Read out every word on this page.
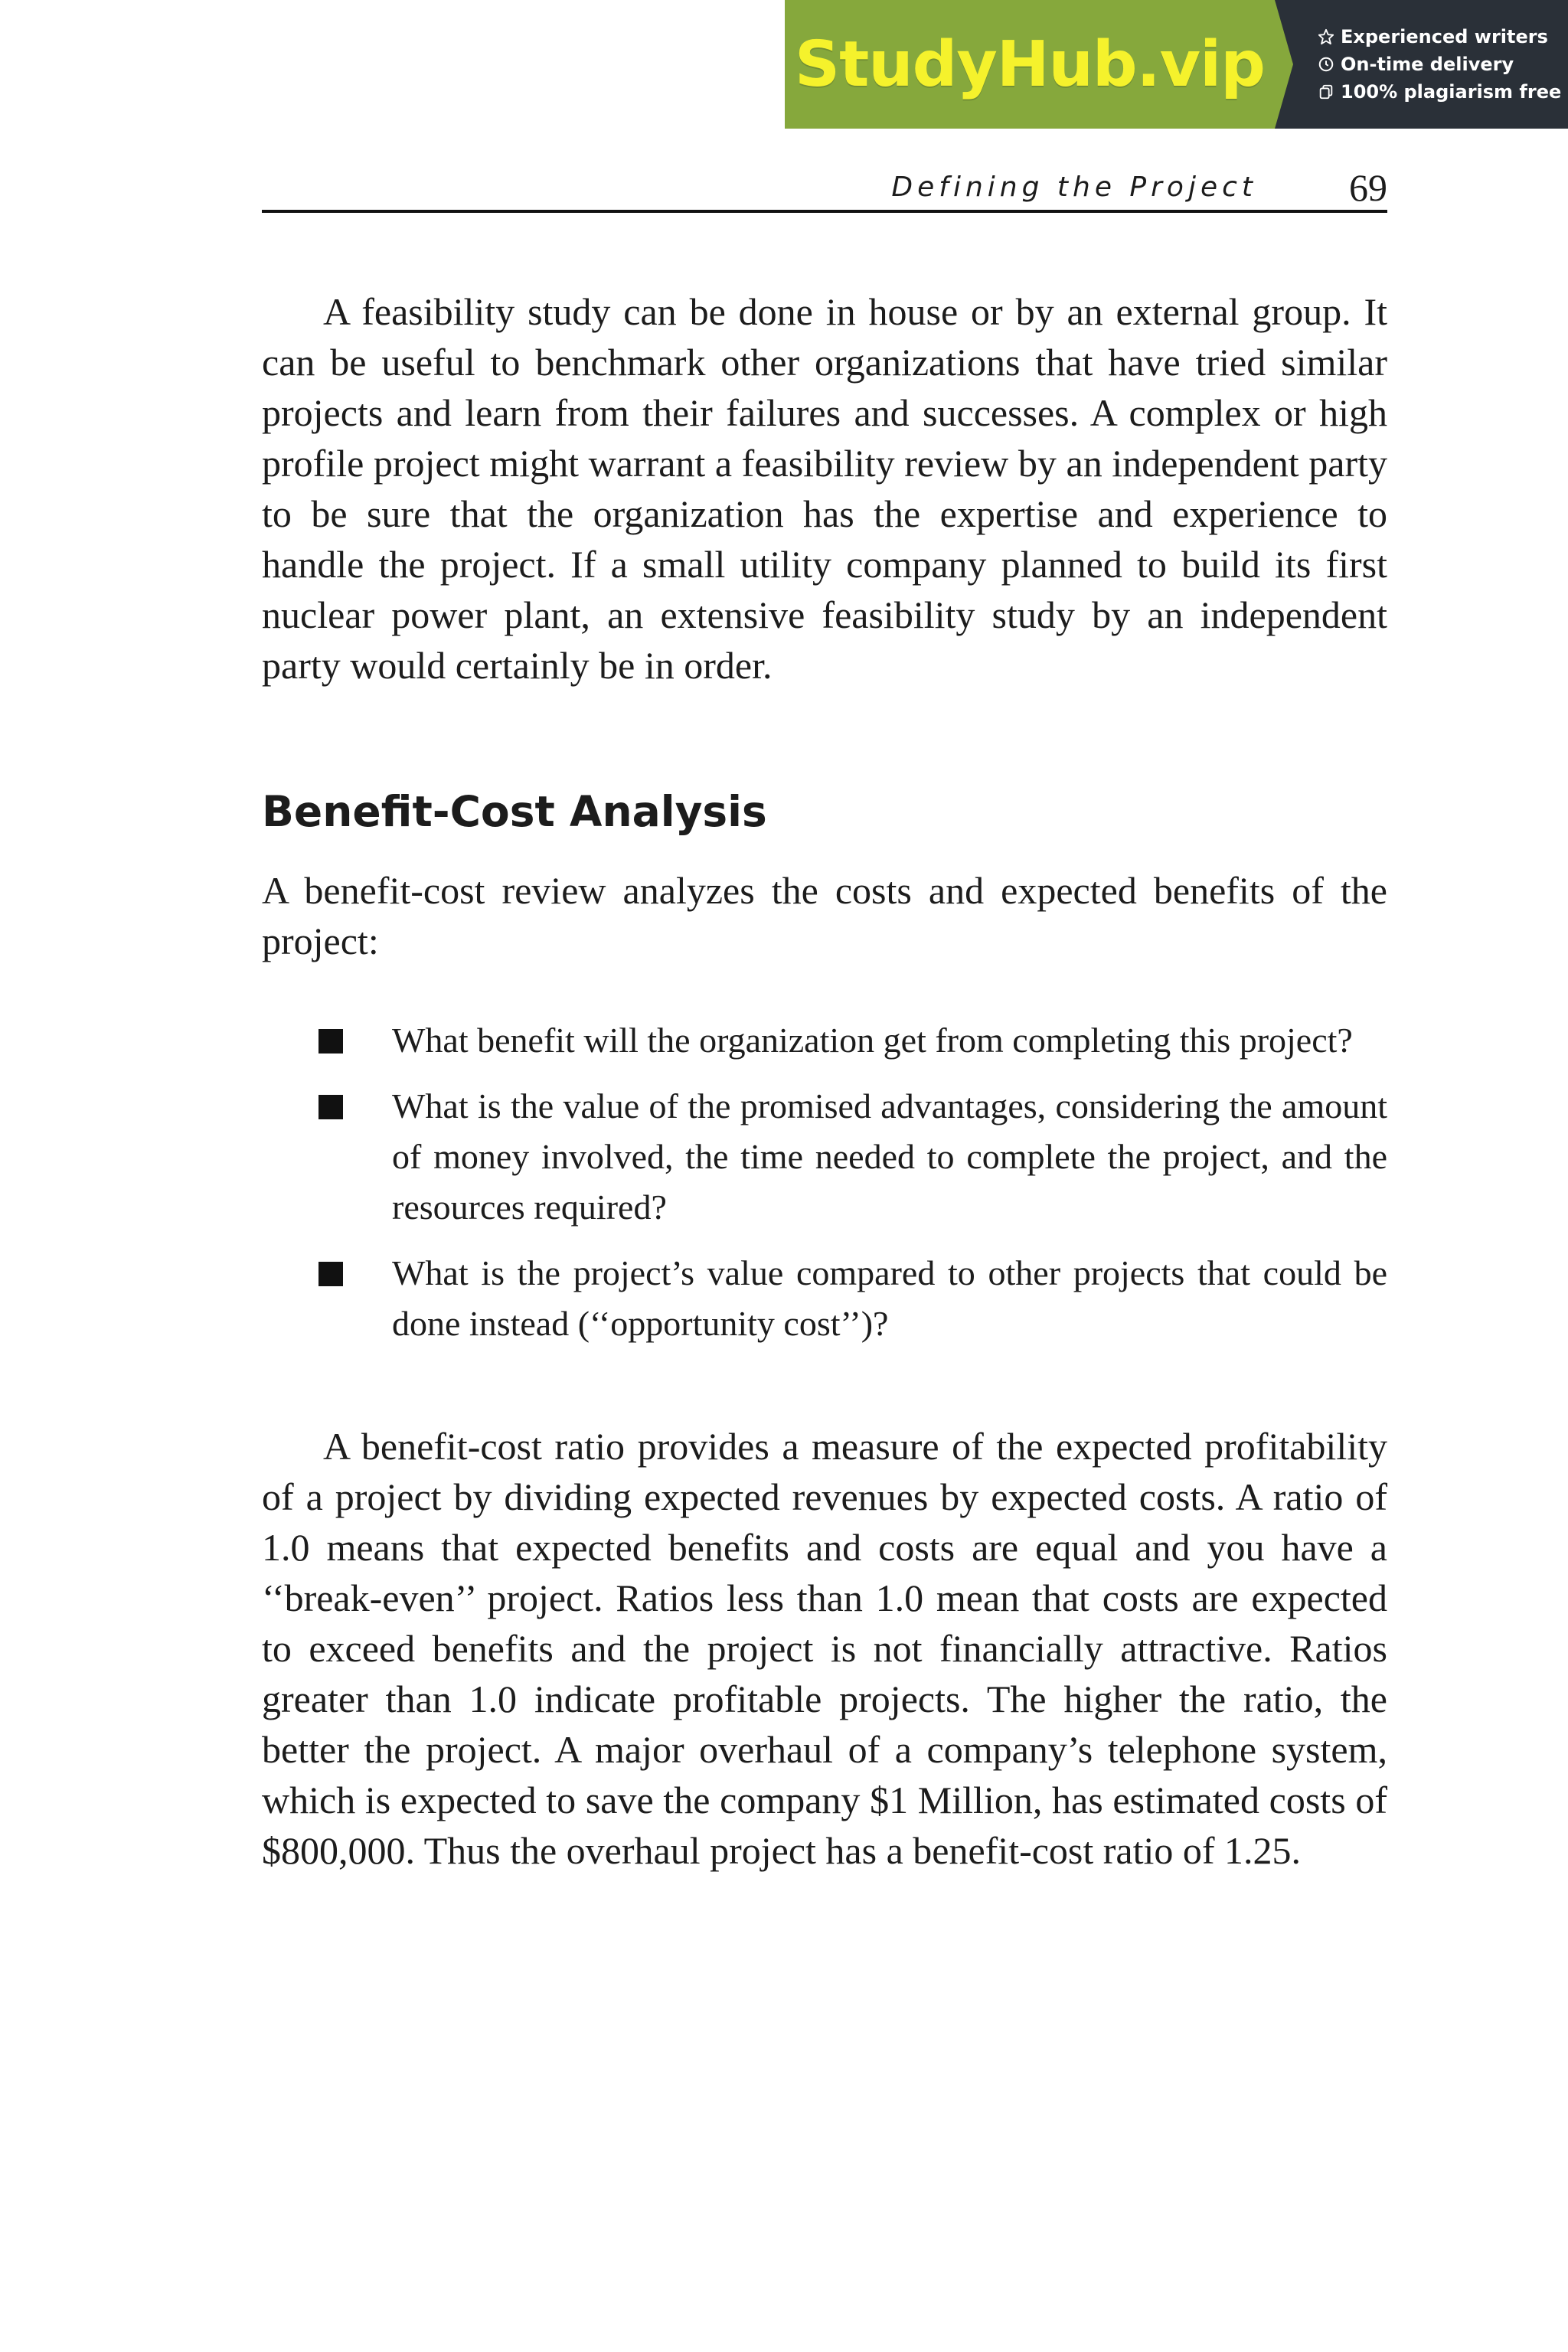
StudyHub.vip	Experienced writers
On-time delivery
100% plagiarism free
Defining the Project 69

A feasibility study can be done in house or by an external group. It can be useful to benchmark other organizations that have tried similar projects and learn from their failures and successes. A complex or high profile project might warrant a feasibility review by an independent party to be sure that the organization has the expertise and experience to handle the project. If a small utility company planned to build its first nuclear power plant, an extensive feasibility study by an independent party would certainly be in order.

Benefit-Cost Analysis

A benefit-cost review analyzes the costs and expected benefits of the project:

What benefit will the organization get from completing this project?
What is the value of the promised advantages, considering the amount of money involved, the time needed to complete the project, and the resources required?
What is the project’s value compared to other projects that could be done instead (‘‘opportunity cost’’)?

A benefit-cost ratio provides a measure of the expected profitability of a project by dividing expected revenues by expected costs. A ratio of 1.0 means that expected benefits and costs are equal and you have a ‘‘break-even’’ project. Ratios less than 1.0 mean that costs are expected to exceed benefits and the project is not financially attractive. Ratios greater than 1.0 indicate profitable projects. The higher the ratio, the better the project. A major overhaul of a company’s telephone system, which is expected to save the company $1 Million, has estimated costs of $800,000. Thus the overhaul project has a benefit-cost ratio of 1.25.
